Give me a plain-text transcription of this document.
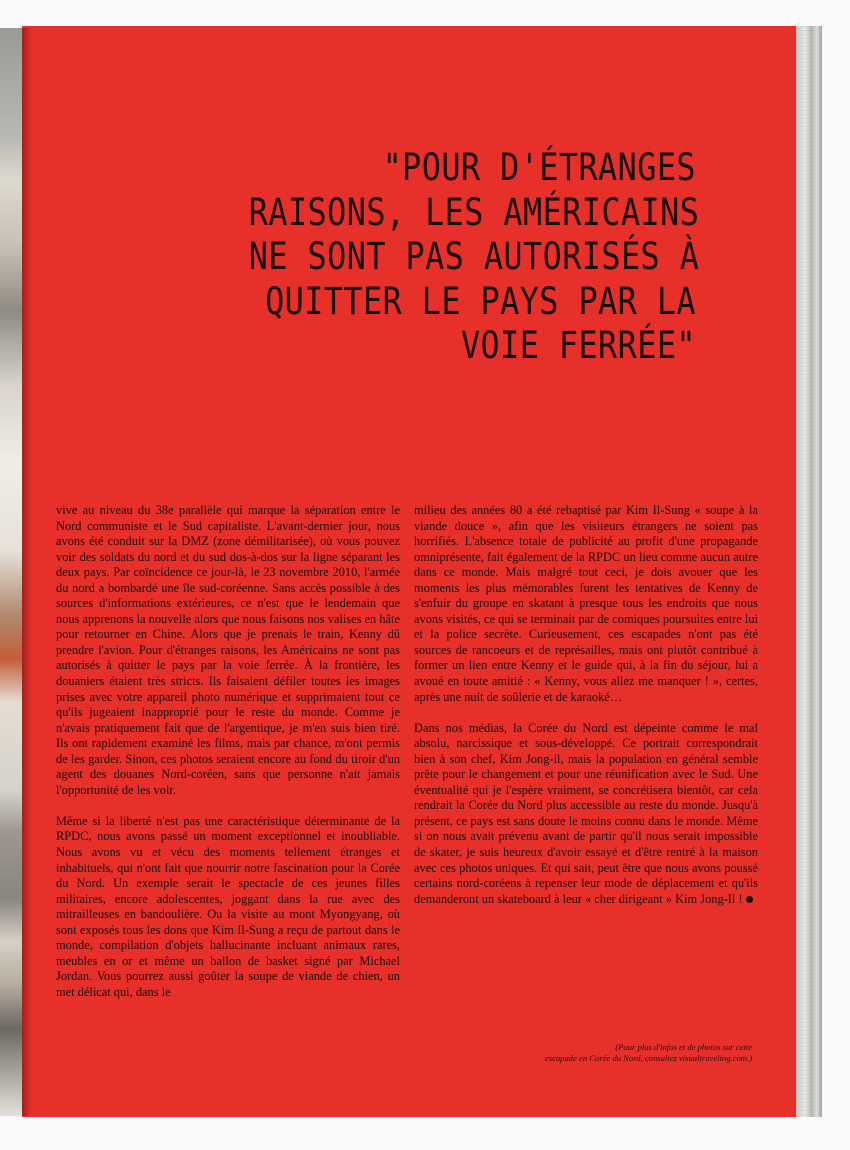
"POUR D'ÉTRANGES
RAISONS, LES AMÉRICAINS
NE SONT PAS AUTORISÉS À
QUITTER LE PAYS PAR LA
VOIE FERRÉE"

vive au niveau du 38e parallèle qui marque la séparation entre le Nord communiste et le Sud capitaliste. L'avant-dernier jour, nous avons été conduit sur la DMZ (zone démilitarisée), où vous pouvez voir des soldats du nord et du sud dos-à-dos sur la ligne séparant les deux pays. Par coïncidence ce jour-là, le 23 novembre 2010, l'armée du nord a bombardé une île sud-coréenne. Sans accès possible à des sources d'informations extérieures, ce n'est que le lendemain que nous apprenons la nouvelle alors que nous faisons nos valises en hâte pour retourner en Chine. Alors que je prenais le train, Kenny dû prendre l'avion. Pour d'étranges raisons, les Américains ne sont pas autorisés à quitter le pays par la voie ferrée. À la frontière, les douaniers étaient très stricts. Ils faisaient défiler toutes les images prises avec votre appareil photo numérique et supprimaient tout ce qu'ils jugeaient inapproprié pour le reste du monde. Comme je n'avais pratiquement fait que de l'argentique, je m'en suis bien tiré. Ils ont rapidement examiné les films, mais par chance, m'ont permis de les garder. Sinon, ces photos seraient encore au fond du tiroir d'un agent des douanes Nord-coréen, sans que personne n'ait jamais l'opportunité de les voir.

Même si la liberté n'est pas une caractéristique déterminante de la RPDC, nous avons passé un moment exceptionnel et inoubliable. Nous avons vu et vécu des moments tellement étranges et inhabituels, qui n'ont fait que nourrir notre fascination pour la Corée du Nord. Un exemple serait le spectacle de ces jeunes filles militaires, encore adolescentes, joggant dans la rue avec des mitrailleuses en bandoulière. Ou la visite au mont Myongyang, où sont exposés tous les dons que Kim Il-Sung a reçu de partout dans le monde, compilation d'objets hallucinante incluant animaux rares, meubles en or et même un ballon de basket signé par Michael Jordan. Vous pourrez aussi goûter la soupe de viande de chien, un met délicat qui, dans le

milieu des années 80 a été rebaptisé par Kim Il-Sung « soupe à la viande douce », afin que les visiteurs étrangers ne soient pas horrifiés. L'absence totale de publicité au profit d'une propagande omniprésente, fait également de la RPDC un lieu comme aucun autre dans ce monde. Mais malgré tout ceci, je dois avouer que les moments les plus mémorables furent les tentatives de Kenny de s'enfuir du groupe en skatant à presque tous les endroits que nous avons visités, ce qui se terminait par de comiques poursuites entre lui et la police secrète. Curieusement, ces escapades n'ont pas été sources de rancoeurs et de représailles, mais ont plutôt contribué à former un lien entre Kenny et le guide qui, à la fin du séjour, lui a avoué en toute amitié : « Kenny, vous allez me manquer ! », certes, après une nuit de soûlerie et de karaoké…

Dans nos médias, la Corée du Nord est dépeinte comme le mal absolu, narcissique et sous-développé. Ce portrait correspondrait bien à son chef, Kim Jong-il, mais la population en général semble prête pour le changement et pour une réunification avec le Sud. Une éventualité qui je l'espère vraiment, se concrétisera bientôt, car cela rendrait la Corée du Nord plus accessible au reste du monde. Jusqu'à présent, ce pays est sans doute le moins connu dans le monde. Même si on nous avait prévenu avant de partir qu'il nous serait impossible de skater, je suis heureux d'avoir essayé et d'être rentré à la maison avec ces photos uniques. Et qui sait, peut être que nous avons poussé certains nord-coréens à repenser leur mode de déplacement et qu'ils demanderont un skateboard à leur « cher dirigeant » Kim Jong-Il !

(Pour plus d'infos et de photos sur cette
escapade en Corée du Nord, consultez visualtraveling.com.)
